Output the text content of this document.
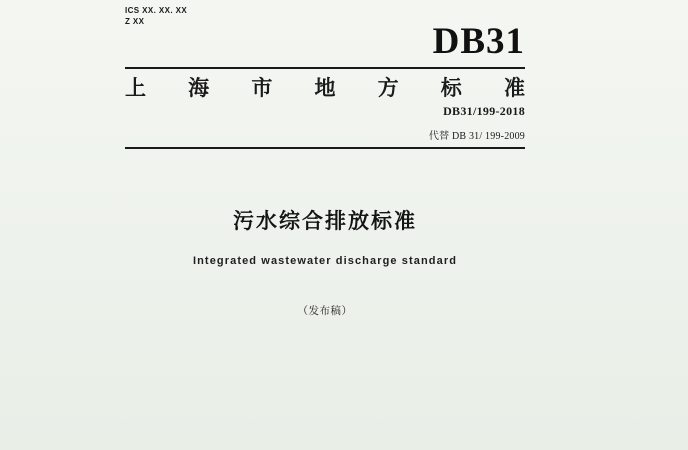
ICS XX. XX. XX
Z XX	DB31
上 海 市 地 方 标 准
DB31/199-2018
代替 DB 31/ 199-2009
污水综合排放标准
Integrated wastewater discharge standard
（发布稿）
